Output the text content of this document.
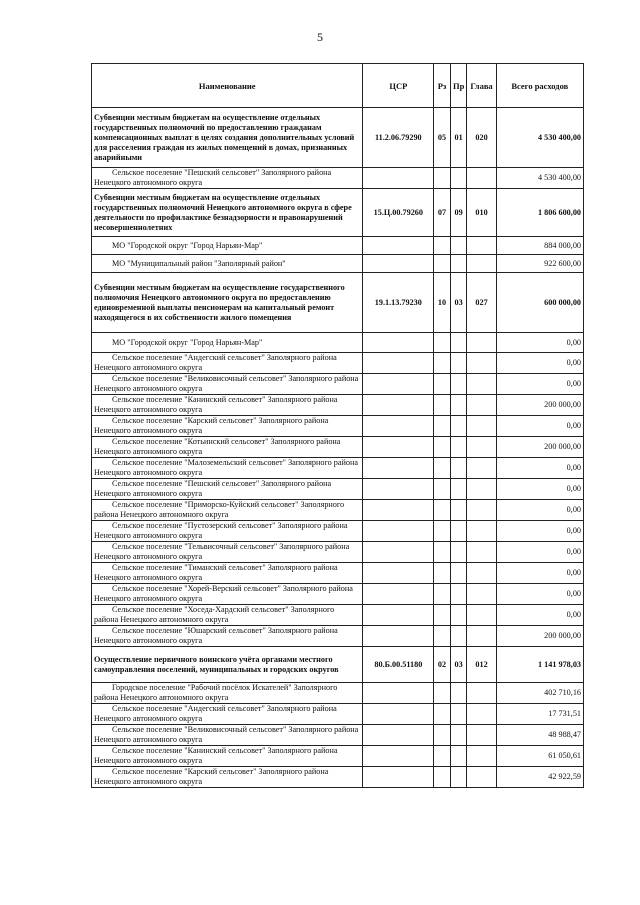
5
Наименование	ЦСР	Рз	Пр	Глава	Всего расходов
Субвенции местным бюджетам на осуществление отдельных государственных полномочий по предоставлению гражданам компенсационных выплат в целях создания дополнительных условий для расселения граждан из жилых помещений в домах, признанных аварийными	11.2.06.79290	05	01	020	4 530 400,00
Сельское поселение "Пешский сельсовет" Заполярного района Ненецкого автономного округа					4 530 400,00
Субвенции местным бюджетам на осуществление отдельных государственных полномочий Ненецкого автономного округа в сфере деятельности по профилактике безнадзорности и правонарушений несовершеннолетних	15.Ц.00.79260	07	09	010	1 806 600,00
МО "Городской округ "Город Нарьян-Мар"					884 000,00
МО "Муниципальный район "Заполярный район"					922 600,00
Субвенции местным бюджетам на осуществление государственного полномочия Ненецкого автономного округа по предоставлению единовременной выплаты пенсионерам на капитальный ремонт находящегося в их собственности жилого помещения	19.1.13.79230	10	03	027	600 000,00
МО "Городской округ "Город Нарьян-Мар"					0,00
Сельское поселение "Андегский сельсовет" Заполярного района Ненецкого автономного округа					0,00
Сельское поселение "Великовисочный сельсовет" Заполярного района Ненецкого автономного округа					0,00
Сельское поселение "Канинский сельсовет" Заполярного района Ненецкого автономного округа					200 000,00
Сельское поселение "Карский сельсовет" Заполярного района Ненецкого автономного округа					0,00
Сельское поселение "Котьинский сельсовет" Заполярного района Ненецкого автономного округа					200 000,00
Сельское поселение "Малоземельский сельсовет" Заполярного района Ненецкого автономного округа					0,00
Сельское поселение "Пешский сельсовет" Заполярного района Ненецкого автономного округа					0,00
Сельское поселение "Приморско-Куйский сельсовет" Заполярного района Ненецкого автономного округа					0,00
Сельское поселение "Пустозерский сельсовет" Заполярного района Ненецкого автономного округа					0,00
Сельское поселение "Тельвисочный сельсовет" Заполярного района Ненецкого автономного округа					0,00
Сельское поселение "Тиманский сельсовет" Заполярного района Ненецкого автономного округа					0,00
Сельское поселение "Хорей-Верский сельсовет" Заполярного района Ненецкого автономного округа					0,00
Сельское поселение "Хоседа-Хардский сельсовет" Заполярного района Ненецкого автономного округа					0,00
Сельское поселение "Юшарский сельсовет" Заполярного района Ненецкого автономного округа					200 000,00
Осуществление первичного воинского учёта органами местного самоуправления поселений, муниципальных и городских округов	80.Б.00.51180	02	03	012	1 141 978,03
Городское поселение "Рабочий посёлок Искателей" Заполярного района Ненецкого автономного округа					402 710,16
Сельское поселение "Андегский сельсовет" Заполярного района Ненецкого автономного округа					17 731,51
Сельское поселение "Великовисочный сельсовет" Заполярного района Ненецкого автономного округа					48 988,47
Сельское поселение "Канинский сельсовет" Заполярного района Ненецкого автономного округа					61 050,61
Сельское поселение "Карский сельсовет" Заполярного района Ненецкого автономного округа					42 922,59
